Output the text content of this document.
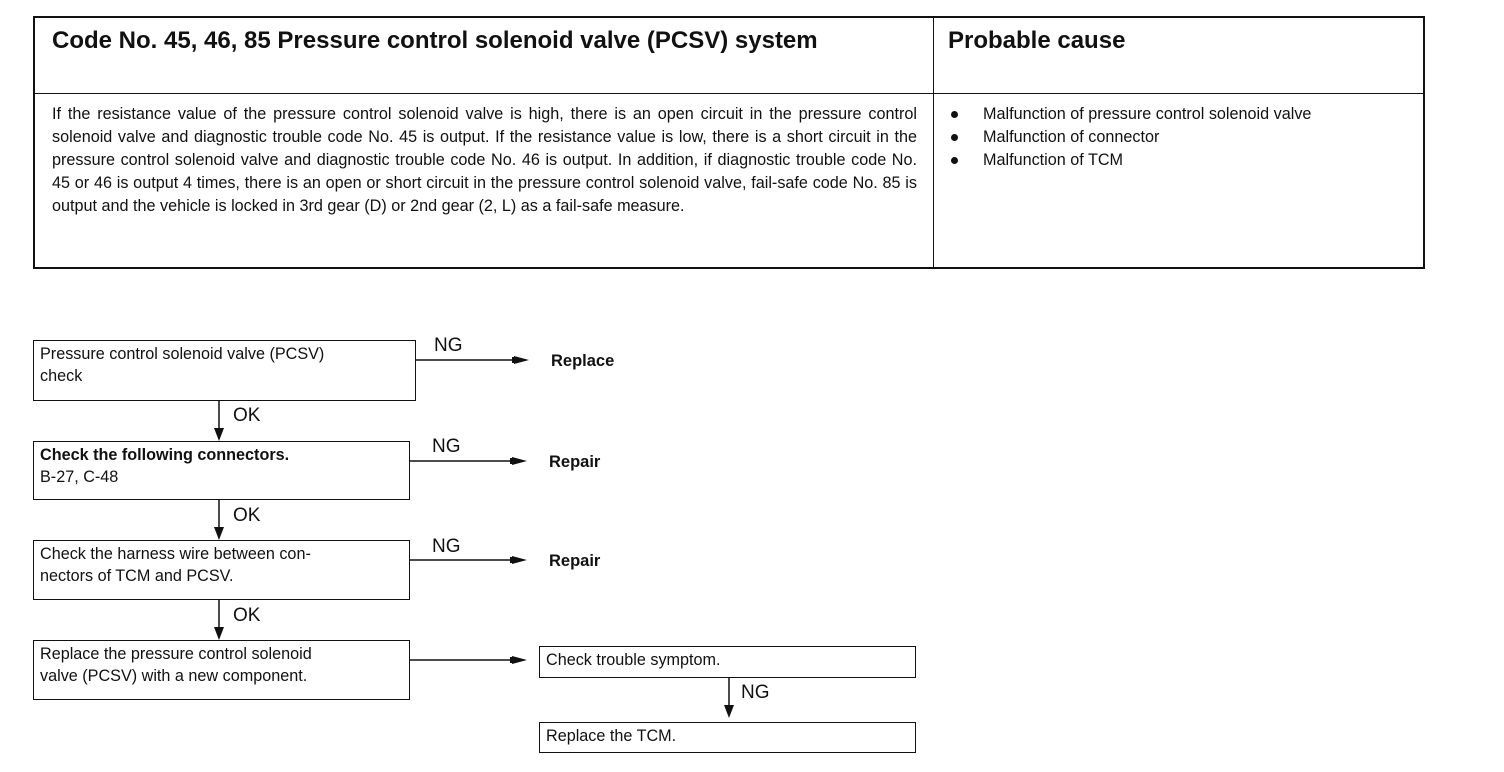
Code No. 45, 46, 85 Pressure control solenoid valve (PCSV) system	Probable cause

If the resistance value of the pressure control solenoid valve is high, there is an open circuit in the pressure control solenoid valve and diagnostic trouble code No. 45 is output. If the resistance value is low, there is a short circuit in the pressure control solenoid valve and diagnostic trouble code No. 46 is output. In addition, if diagnostic trouble code No. 45 or 46 is output 4 times, there is an open or short circuit in the pressure control solenoid valve, fail-safe code No. 85 is output and the vehicle is locked in 3rd gear (D) or 2nd gear (2, L) as a fail-safe measure.

Malfunction of pressure control solenoid valve
Malfunction of connector
Malfunction of TCM
Pressure control solenoid valve (PCSV)
check
Check the following connectors.
B-27, C-48
Check the harness wire between con-
nectors of TCM and PCSV.
Replace the pressure control solenoid
valve (PCSV) with a new component.
Check trouble symptom.
Replace the TCM.
NG
NG
NG
NG
OK
OK
OK
Replace
Repair
Repair
